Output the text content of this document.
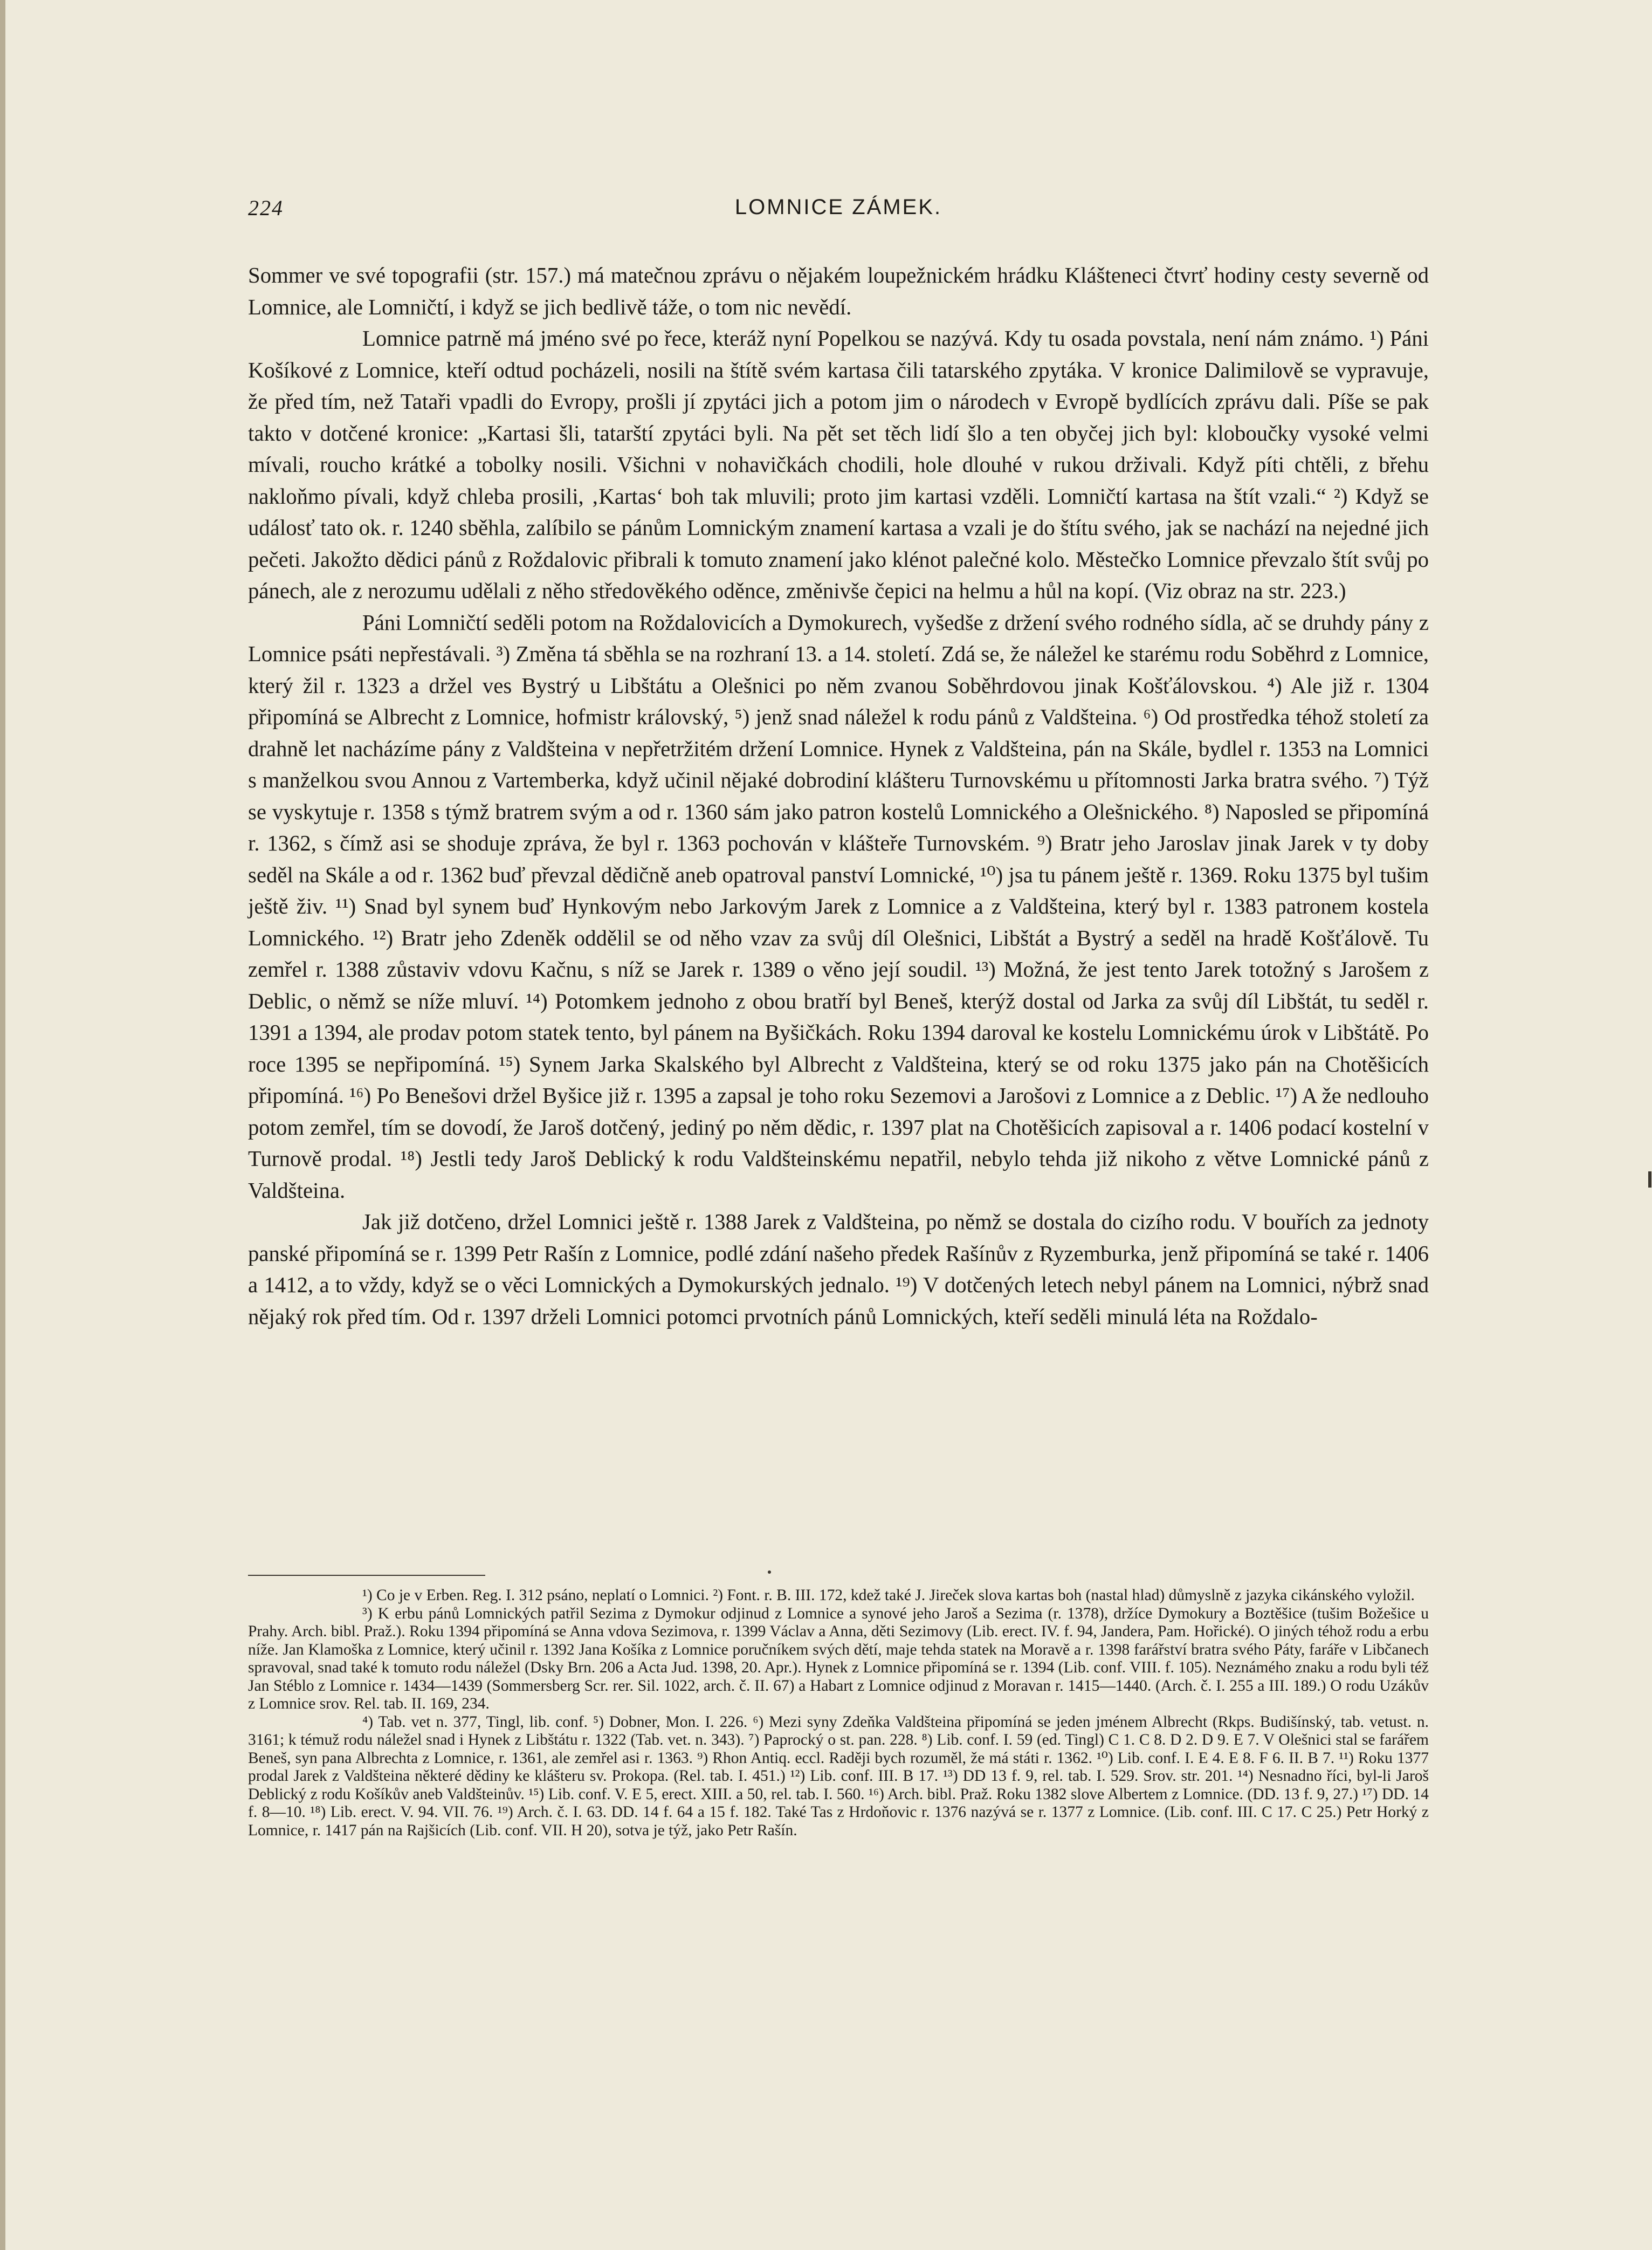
224	LOMNICE ZÁMEK.

Sommer ve své topografii (str. 157.) má matečnou zprávu o nějakém loupežnickém hrádku Klášteneci čtvrť hodiny cesty severně od Lomnice, ale Lomničtí, i když se jich bedlivě táže, o tom nic nevědí.

Lomnice patrně má jméno své po řece, kteráž nyní Popelkou se nazývá. Kdy tu osada povstala, není nám známo. ¹) Páni Košíkové z Lomnice, kteří odtud pocházeli, nosili na štítě svém kartasa čili tatarského zpytáka. V kronice Dalimilově se vypravuje, že před tím, než Tataři vpadli do Evropy, prošli jí zpytáci jich a potom jim o národech v Evropě bydlících zprávu dali. Píše se pak takto v dotčené kronice: „Kartasi šli, tatarští zpytáci byli. Na pět set těch lidí šlo a ten obyčej jich byl: kloboučky vysoké velmi mívali, roucho krátké a tobolky nosili. Všichni v nohavičkách chodili, hole dlouhé v rukou drživali. Když píti chtěli, z břehu nakloňmo pívali, když chleba prosili, ‚Kartas‘ boh tak mluvili; proto jim kartasi vzděli. Lomničtí kartasa na štít vzali.“ ²) Když se událosť tato ok. r. 1240 sběhla, zalíbilo se pánům Lomnickým znamení kartasa a vzali je do štítu svého, jak se nachází na nejedné jich pečeti. Jakožto dědici pánů z Roždalovic přibrali k tomuto znamení jako klénot palečné kolo. Městečko Lomnice převzalo štít svůj po pánech, ale z nerozumu udělali z něho středověkého oděnce, změnivše čepici na helmu a hůl na kopí. (Viz obraz na str. 223.)

Páni Lomničtí seděli potom na Roždalovicích a Dymokurech, vyšedše z držení svého rodného sídla, ač se druhdy pány z Lomnice psáti nepřestávali. ³) Změna tá sběhla se na rozhraní 13. a 14. století. Zdá se, že náležel ke starému rodu Soběhrd z Lomnice, který žil r. 1323 a držel ves Bystrý u Libštátu a Olešnici po něm zvanou Soběhrdovou jinak Košťálovskou. ⁴) Ale již r. 1304 připomíná se Albrecht z Lomnice, hofmistr královský, ⁵) jenž snad náležel k rodu pánů z Valdšteina. ⁶) Od prostředka téhož století za drahně let nacházíme pány z Valdšteina v nepřetržitém držení Lomnice. Hynek z Valdšteina, pán na Skále, bydlel r. 1353 na Lomnici s manželkou svou Annou z Vartemberka, když učinil nějaké dobrodiní klášteru Turnovskému u přítomnosti Jarka bratra svého. ⁷) Týž se vyskytuje r. 1358 s týmž bratrem svým a od r. 1360 sám jako patron kostelů Lomnického a Olešnického. ⁸) Naposled se připomíná r. 1362, s čímž asi se shoduje zpráva, že byl r. 1363 pochován v klášteře Turnovském. ⁹) Bratr jeho Jaroslav jinak Jarek v ty doby seděl na Skále a od r. 1362 buď převzal dědičně aneb opatroval panství Lomnické, ¹⁰) jsa tu pánem ještě r. 1369. Roku 1375 byl tušim ještě živ. ¹¹) Snad byl synem buď Hynkovým nebo Jarkovým Jarek z Lomnice a z Valdšteina, který byl r. 1383 patronem kostela Lomnického. ¹²) Bratr jeho Zdeněk oddělil se od něho vzav za svůj díl Olešnici, Libštát a Bystrý a seděl na hradě Košťálově. Tu zemřel r. 1388 zůstaviv vdovu Kačnu, s níž se Jarek r. 1389 o věno její soudil. ¹³) Možná, že jest tento Jarek totožný s Jarošem z Deblic, o němž se níže mluví. ¹⁴) Potomkem jednoho z obou bratří byl Beneš, kterýž dostal od Jarka za svůj díl Libštát, tu seděl r. 1391 a 1394, ale prodav potom statek tento, byl pánem na Byšičkách. Roku 1394 daroval ke kostelu Lomnickému úrok v Libštátě. Po roce 1395 se nepřipomíná. ¹⁵) Synem Jarka Skalského byl Albrecht z Valdšteina, který se od roku 1375 jako pán na Chotěšicích připomíná. ¹⁶) Po Benešovi držel Byšice již r. 1395 a zapsal je toho roku Sezemovi a Jarošovi z Lomnice a z Deblic. ¹⁷) A že nedlouho potom zemřel, tím se dovodí, že Jaroš dotčený, jediný po něm dědic, r. 1397 plat na Chotěšicích zapisoval a r. 1406 podací kostelní v Turnově prodal. ¹⁸) Jestli tedy Jaroš Deblický k rodu Valdšteinskému nepatřil, nebylo tehda již nikoho z větve Lomnické pánů z Valdšteina.

Jak již dotčeno, držel Lomnici ještě r. 1388 Jarek z Valdšteina, po němž se dostala do cizího rodu. V bouřích za jednoty panské připomíná se r. 1399 Petr Rašín z Lomnice, podlé zdání našeho předek Rašínův z Ryzemburka, jenž připomíná se také r. 1406 a 1412, a to vždy, když se o věci Lomnických a Dymokurských jednalo. ¹⁹) V dotčených letech nebyl pánem na Lomnici, nýbrž snad nějaký rok před tím. Od r. 1397 drželi Lomnici potomci prvotních pánů Lomnických, kteří seděli minulá léta na Roždalo-

¹) Co je v Erben. Reg. I. 312 psáno, neplatí o Lomnici. ²) Font. r. B. III. 172, kdež také J. Jireček slova kartas boh (nastal hlad) důmyslně z jazyka cikánského vyložil.

³) K erbu pánů Lomnických patřil Sezima z Dymokur odjinud z Lomnice a synové jeho Jaroš a Sezima (r. 1378), držíce Dymokury a Boztěšice (tušim Božešice u Prahy. Arch. bibl. Praž.). Roku 1394 připomíná se Anna vdova Sezimova, r. 1399 Václav a Anna, děti Sezimovy (Lib. erect. IV. f. 94, Jandera, Pam. Hořické). O jiných téhož rodu a erbu níže. Jan Klamoška z Lomnice, který učinil r. 1392 Jana Košíka z Lomnice poručníkem svých dětí, maje tehda statek na Moravě a r. 1398 farářství bratra svého Páty, faráře v Libčanech spravoval, snad také k tomuto rodu náležel (Dsky Brn. 206 a Acta Jud. 1398, 20. Apr.). Hynek z Lomnice připomíná se r. 1394 (Lib. conf. VIII. f. 105). Neznámého znaku a rodu byli též Jan Stéblo z Lomnice r. 1434—1439 (Sommersberg Scr. rer. Sil. 1022, arch. č. II. 67) a Habart z Lomnice odjinud z Moravan r. 1415—1440. (Arch. č. I. 255 a III. 189.) O rodu Uzákův z Lomnice srov. Rel. tab. II. 169, 234.

⁴) Tab. vet n. 377, Tingl, lib. conf. ⁵) Dobner, Mon. I. 226. ⁶) Mezi syny Zdeňka Valdšteina připomíná se jeden jménem Albrecht (Rkps. Budišínský, tab. vetust. n. 3161; k témuž rodu náležel snad i Hynek z Libštátu r. 1322 (Tab. vet. n. 343). ⁷) Paprocký o st. pan. 228. ⁸) Lib. conf. I. 59 (ed. Tingl) C 1. C 8. D 2. D 9. E 7. V Olešnici stal se farářem Beneš, syn pana Albrechta z Lomnice, r. 1361, ale zemřel asi r. 1363. ⁹) Rhon Antiq. eccl. Raději bych rozuměl, že má státi r. 1362. ¹⁰) Lib. conf. I. E 4. E 8. F 6. II. B 7. ¹¹) Roku 1377 prodal Jarek z Valdšteina některé dědiny ke klášteru sv. Prokopa. (Rel. tab. I. 451.) ¹²) Lib. conf. III. B 17. ¹³) DD 13 f. 9, rel. tab. I. 529. Srov. str. 201. ¹⁴) Nesnadno říci, byl-li Jaroš Deblický z rodu Košíkův aneb Valdšteinův. ¹⁵) Lib. conf. V. E 5, erect. XIII. a 50, rel. tab. I. 560. ¹⁶) Arch. bibl. Praž. Roku 1382 slove Albertem z Lomnice. (DD. 13 f. 9, 27.) ¹⁷) DD. 14 f. 8—10. ¹⁸) Lib. erect. V. 94. VII. 76. ¹⁹) Arch. č. I. 63. DD. 14 f. 64 a 15 f. 182. Také Tas z Hrdoňovic r. 1376 nazývá se r. 1377 z Lomnice. (Lib. conf. III. C 17. C 25.) Petr Horký z Lomnice, r. 1417 pán na Rajšicích (Lib. conf. VII. H 20), sotva je týž, jako Petr Rašín.
